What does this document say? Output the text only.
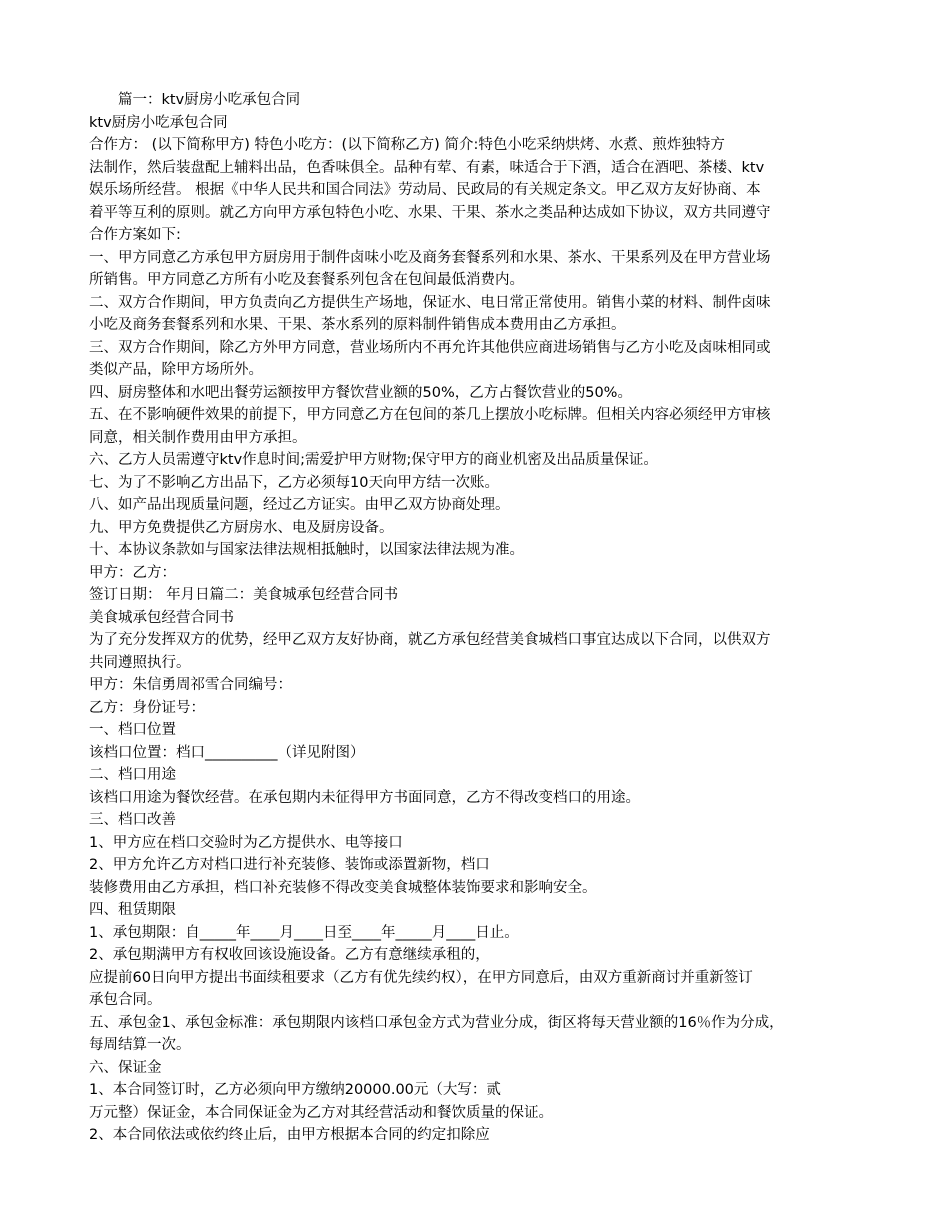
　　篇一：ktv厨房小吃承包合同
ktv厨房小吃承包合同
合作方： (以下简称甲方) 特色小吃方：(以下简称乙方) 简介:特色小吃采纳烘烤、水煮、煎炸独特方
法制作，然后装盘配上辅料出品，色香味俱全。品种有荤、有素，味适合于下酒，适合在酒吧、茶楼、ktv
娱乐场所经营。 根据《中华人民共和国合同法》劳动局、民政局的有关规定条文。甲乙双方友好协商、本
着平等互利的原则。就乙方向甲方承包特色小吃、水果、干果、茶水之类品种达成如下协议，双方共同遵守
合作方案如下:
一、甲方同意乙方承包甲方厨房用于制件卤味小吃及商务套餐系列和水果、茶水、干果系列及在甲方营业场
所销售。甲方同意乙方所有小吃及套餐系列包含在包间最低消费内。
二、双方合作期间，甲方负责向乙方提供生产场地，保证水、电日常正常使用。销售小菜的材料、制件卤味
小吃及商务套餐系列和水果、干果、茶水系列的原料制件销售成本费用由乙方承担。
三、双方合作期间，除乙方外甲方同意，营业场所内不再允许其他供应商进场销售与乙方小吃及卤味相同或
类似产品，除甲方场所外。
四、厨房整体和水吧出餐劳运额按甲方餐饮营业额的50%，乙方占餐饮营业的50%。
五、在不影响硬件效果的前提下，甲方同意乙方在包间的茶几上摆放小吃标牌。但相关内容必须经甲方审核
同意，相关制作费用由甲方承担。
六、乙方人员需遵守ktv作息时间;需爱护甲方财物;保守甲方的商业机密及出品质量保证。
七、为了不影响乙方出品下，乙方必须每10天向甲方结一次账。
八、如产品出现质量问题，经过乙方证实。由甲乙双方协商处理。
九、甲方免费提供乙方厨房水、电及厨房设备。
十、本协议条款如与国家法律法规相抵触时，以国家法律法规为准。
甲方：乙方：
签订日期： 年月日篇二：美食城承包经营合同书
美食城承包经营合同书
为了充分发挥双方的优势，经甲乙双方友好协商，就乙方承包经营美食城档口事宜达成以下合同，以供双方
共同遵照执行。
甲方：朱信勇周祁雪合同编号：
乙方：身份证号：
一、档口位置
该档口位置：档口__________（详见附图）
二、档口用途
该档口用途为餐饮经营。在承包期内未征得甲方书面同意，乙方不得改变档口的用途。
三、档口改善
1、甲方应在档口交验时为乙方提供水、电等接口
2、甲方允许乙方对档口进行补充装修、装饰或添置新物，档口
装修费用由乙方承担，档口补充装修不得改变美食城整体装饰要求和影响安全。
四、租赁期限
1、承包期限：自_____年____月____日至____年_____月____日止。
2、承包期满甲方有权收回该设施设备。乙方有意继续承租的，
应提前60日向甲方提出书面续租要求（乙方有优先续约权），在甲方同意后，由双方重新商讨并重新签订
承包合同。
五、承包金1、承包金标准：承包期限内该档口承包金方式为营业分成，街区将每天营业额的16％作为分成，
每周结算一次。
六、保证金
1、本合同签订时，乙方必须向甲方缴纳20000.00元（大写：贰
万元整）保证金，本合同保证金为乙方对其经营活动和餐饮质量的保证。
2、本合同依法或依约终止后，由甲方根据本合同的约定扣除应
